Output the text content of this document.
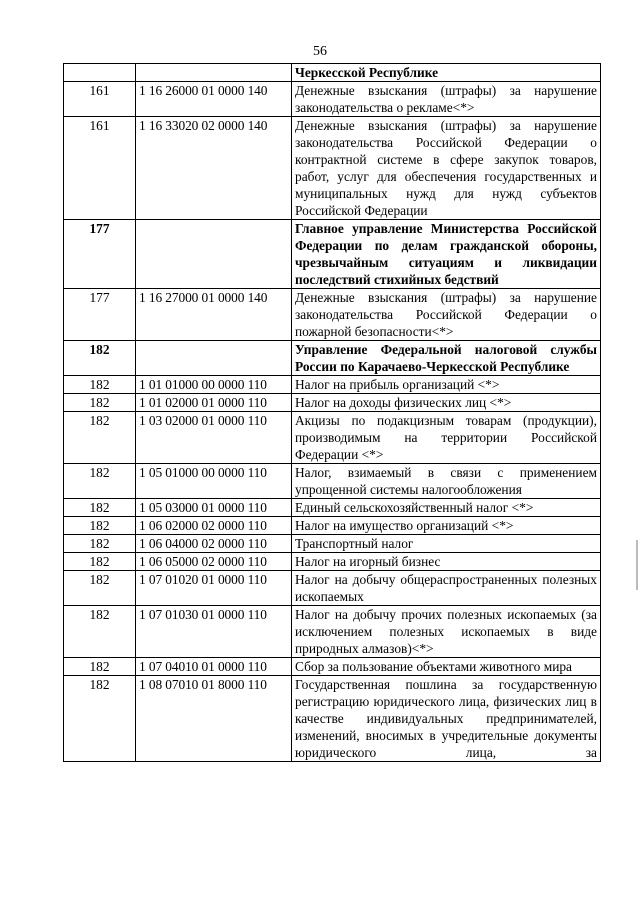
56
		Черкесской Республике
161	1 16 26000 01 0000 140	Денежные взыскания (штрафы) за нарушение законодательства о рекламе<*>
161	1 16 33020 02 0000 140	Денежные взыскания (штрафы) за нарушение законодательства Российской Федерации о контрактной системе в сфере закупок товаров, работ, услуг для обеспечения государственных и муниципальных нужд для нужд субъектов Российской Федерации
177		Главное управление Министерства Российской Федерации по делам гражданской обороны, чрезвычайным ситуациям и ликвидации последствий стихийных бедствий
177	1 16 27000 01 0000 140	Денежные взыскания (штрафы) за нарушение законодательства Российской Федерации о пожарной безопасности<*>
182		Управление Федеральной налоговой службы России по Карачаево-Черкесской Республике
182	1 01 01000 00 0000 110	Налог на прибыль организаций <*>
182	1 01 02000 01 0000 110	Налог на доходы физических лиц <*>
182	1 03 02000 01 0000 110	Акцизы по подакцизным товарам (продукции), производимым на территории Российской Федерации <*>
182	1 05 01000 00 0000 110	Налог, взимаемый в связи с применением упрощенной системы налогообложения
182	1 05 03000 01 0000 110	Единый сельскохозяйственный налог <*>
182	1 06 02000 02 0000 110	Налог на имущество организаций <*>
182	1 06 04000 02 0000 110	Транспортный налог
182	1 06 05000 02 0000 110	Налог на игорный бизнес
182	1 07 01020 01 0000 110	Налог на добычу общераспространенных полезных ископаемых
182	1 07 01030 01 0000 110	Налог на добычу прочих полезных ископаемых (за исключением полезных ископаемых в виде природных алмазов)<*>
182	1 07 04010 01 0000 110	Сбор за пользование объектами животного мира
182	1 08 07010 01 8000 110	Государственная пошлина за государственную регистрацию юридического лица, физических лиц в качестве индивидуальных предпринимателей, изменений, вносимых в учредительные документы юридического лица, за
